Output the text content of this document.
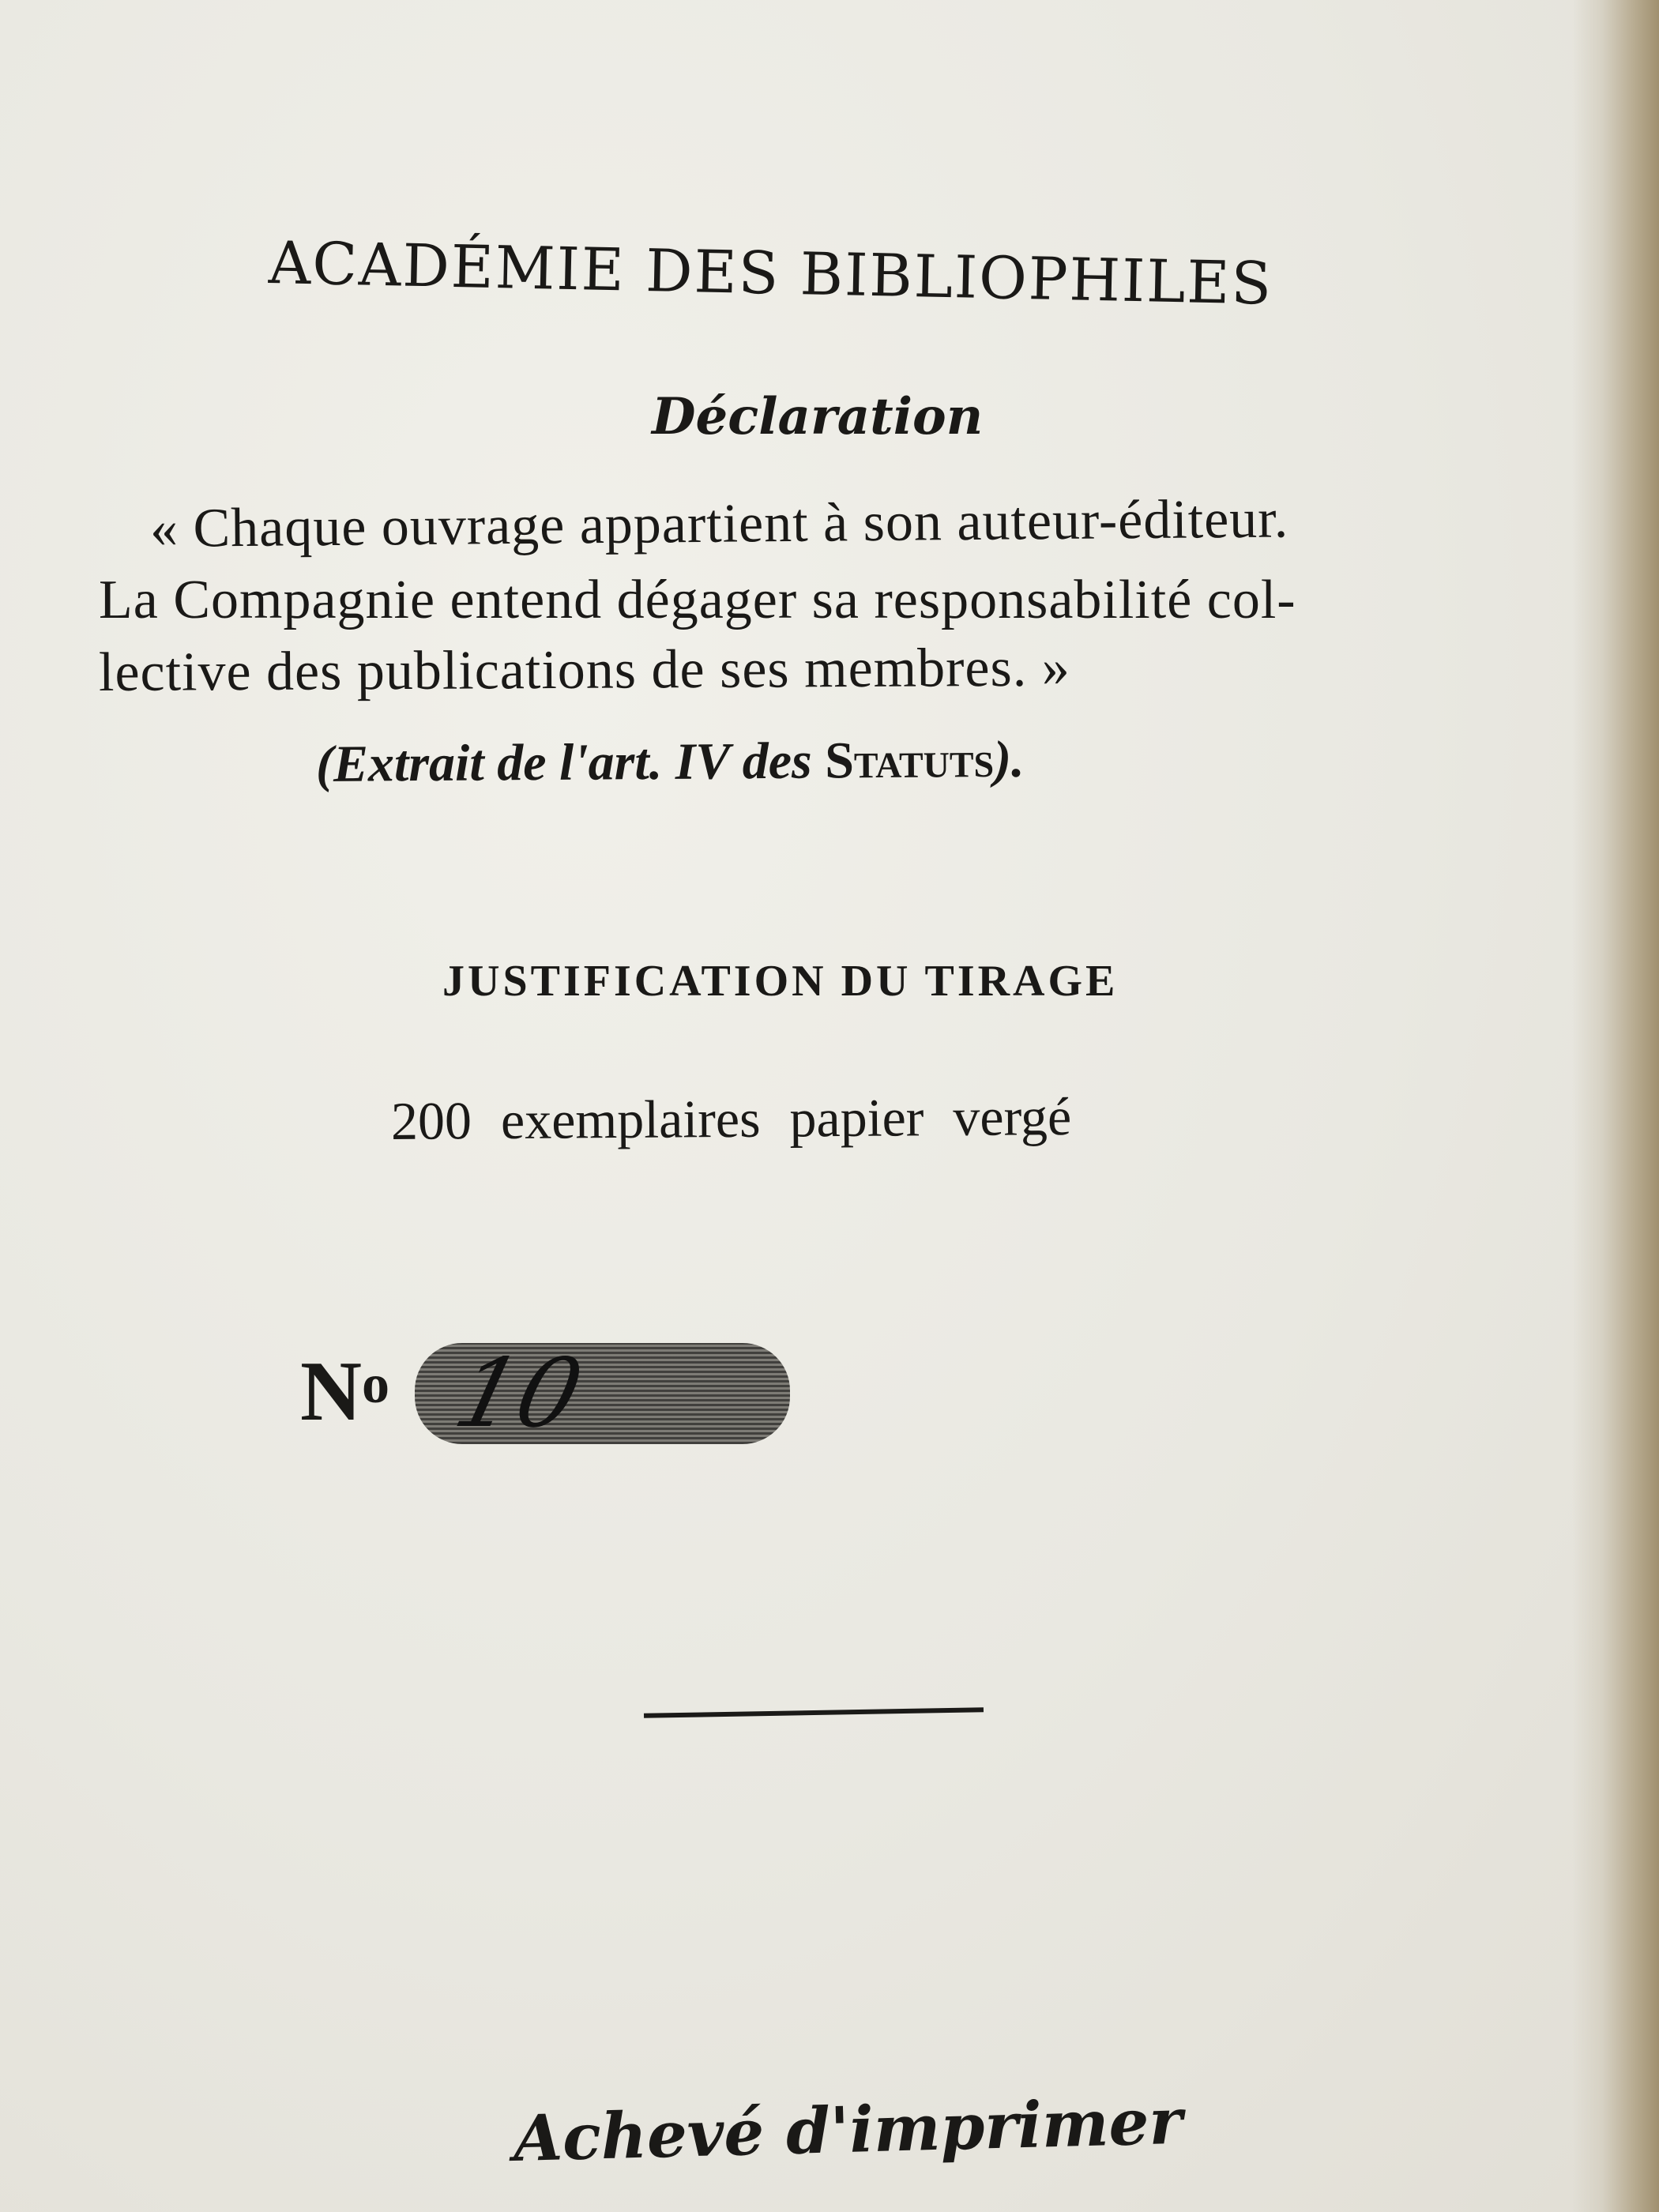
ACADÉMIE DES BIBLIOPHILES
Déclaration
« Chaque ouvrage appartient à son auteur-éditeur.
La Compagnie entend dégager sa responsabilité col-
lective des publications de ses membres. »
(Extrait de l'art. IV des Statuts).
JUSTIFICATION DU TIRAGE
200 exemplaires papier vergé
$N^o$ 10
Achevé d'imprimer
